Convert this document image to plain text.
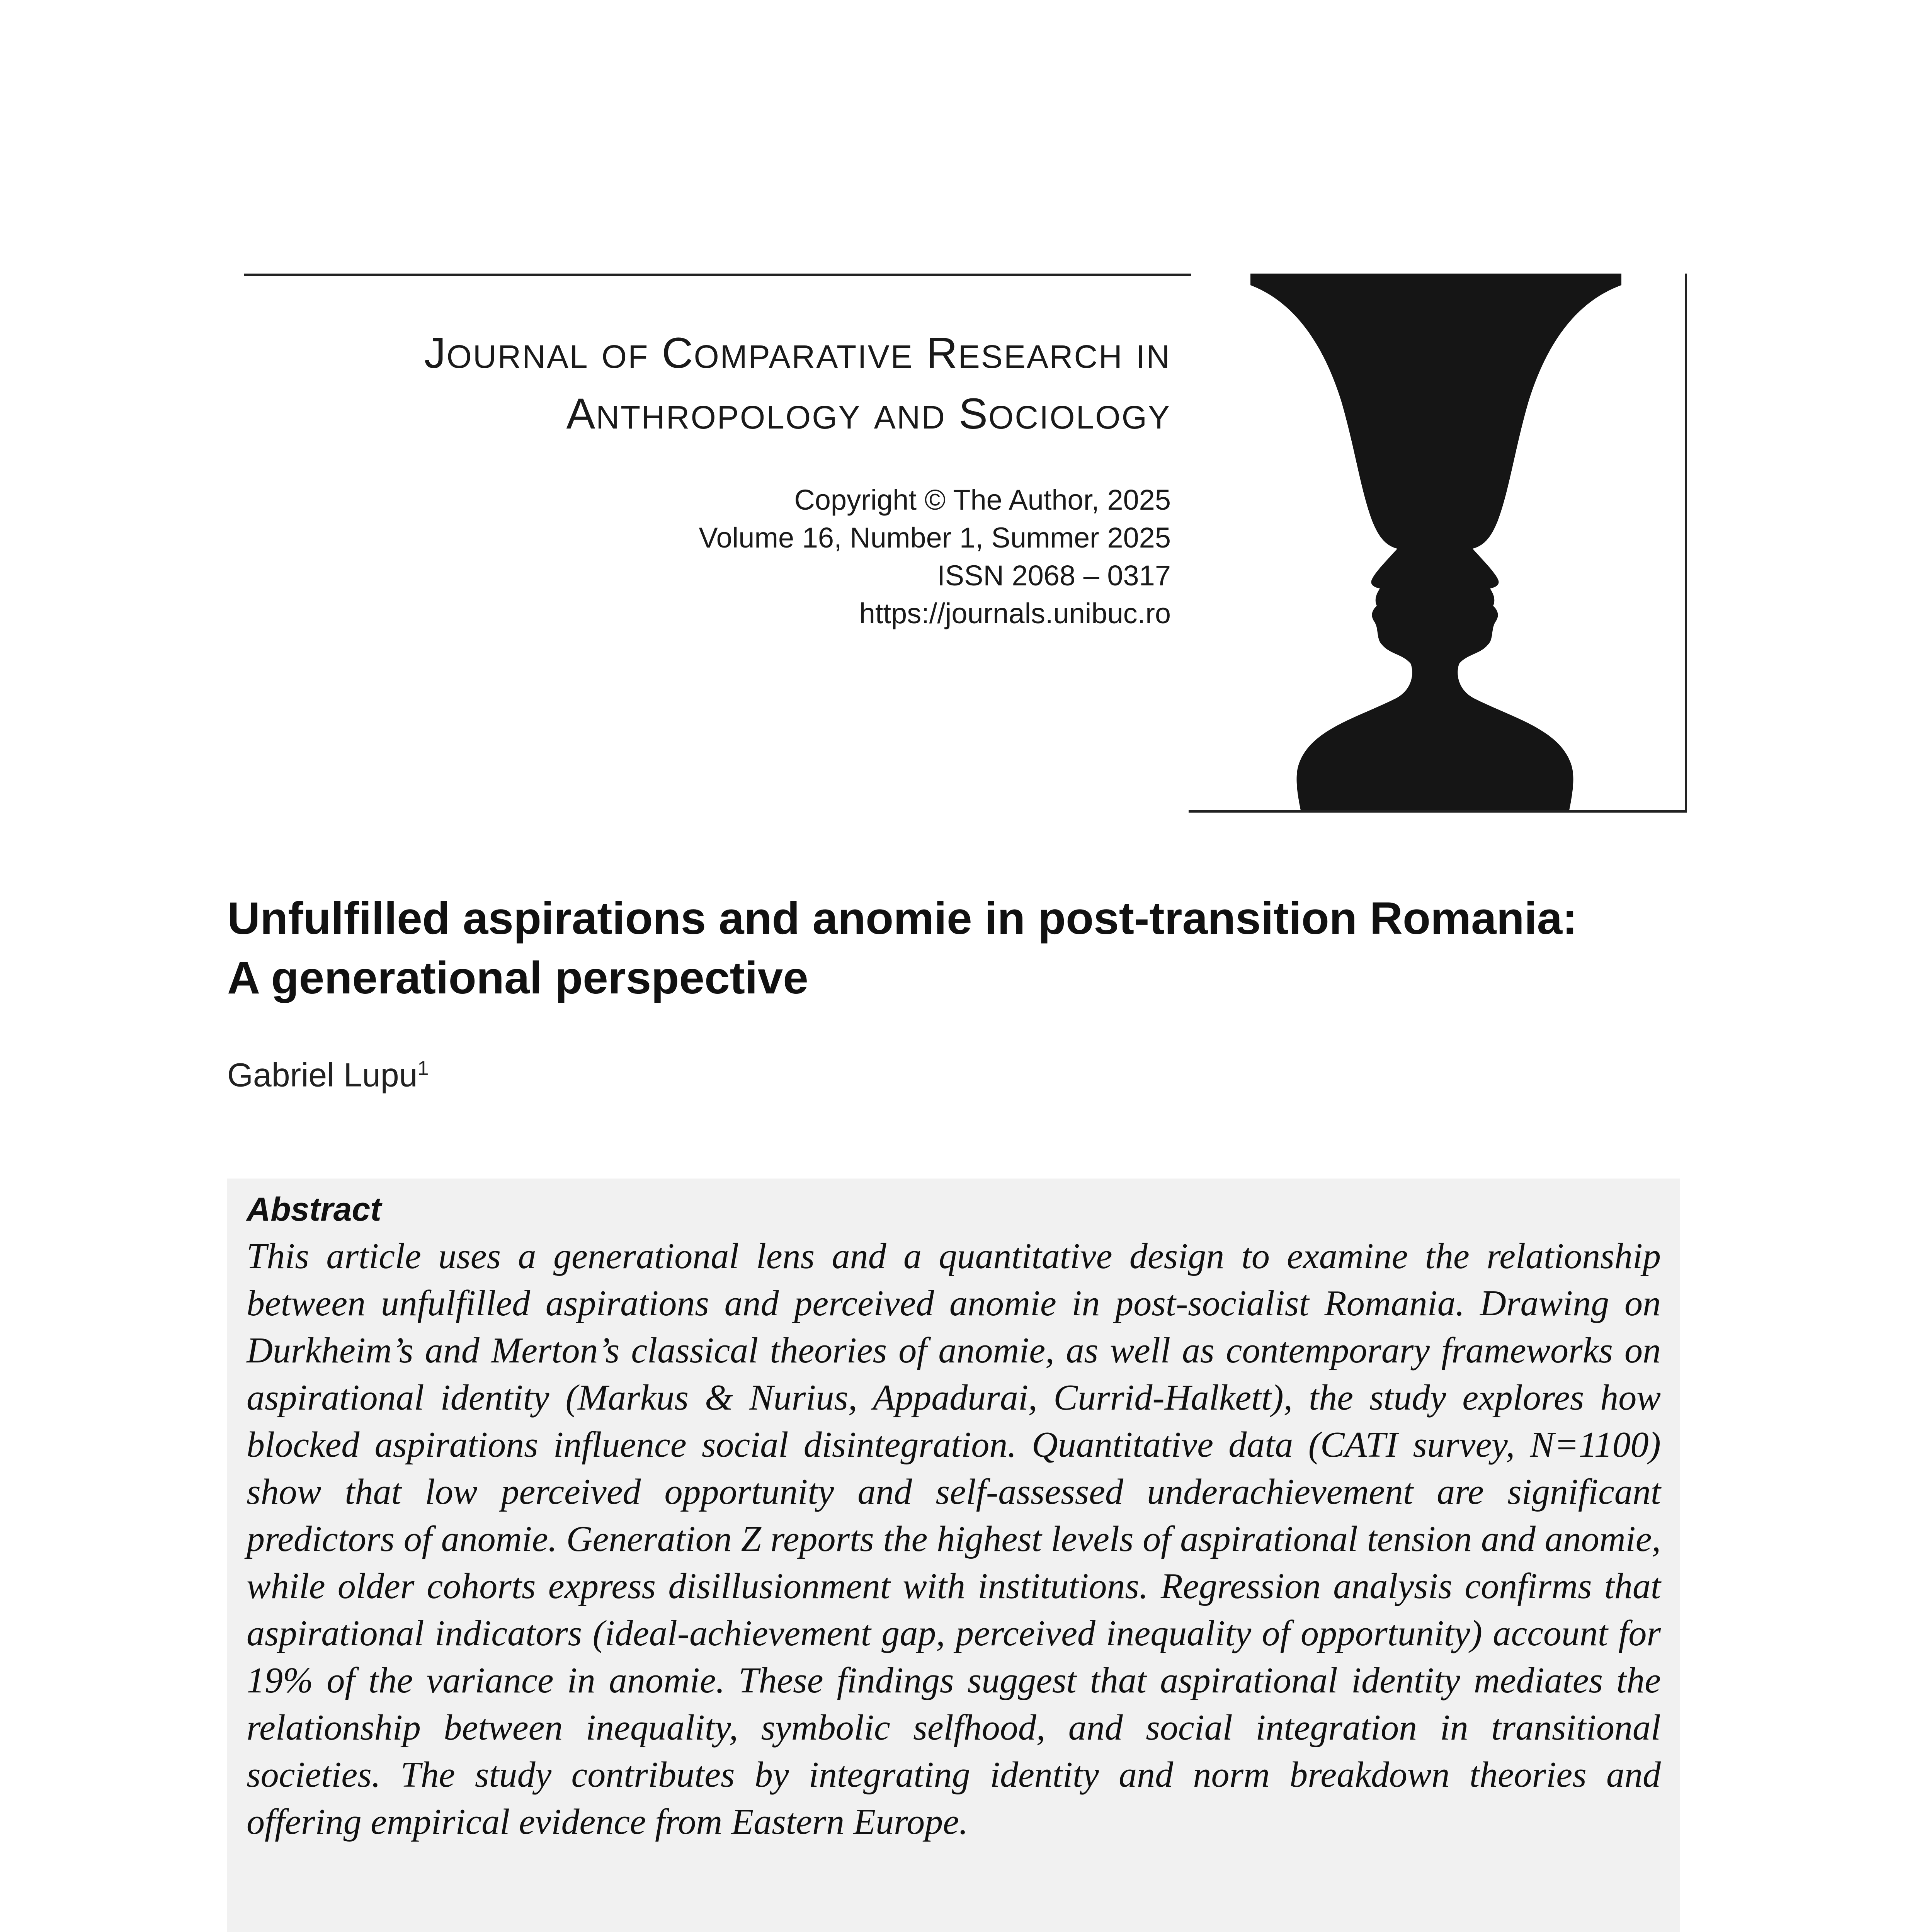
JOURNAL OF COMPARATIVE RESEARCH IN
ANTHROPOLOGY AND SOCIOLOGY
Copyright © The Author, 2025
Volume 16, Number 1, Summer 2025
ISSN 2068 – 0317
https://journals.unibuc.ro
Unfulfilled aspirations and anomie in post-transition Romania:
A generational perspective
Gabriel Lupu$^1$
Abstract
This article uses a generational lens and a quantitative design to examine the relationship between unfulfilled aspirations and perceived anomie in post-socialist Romania. Drawing on Durkheim’s and Merton’s classical theories of anomie, as well as contemporary frameworks on aspirational identity (Markus & Nurius, Appadurai, Currid-Halkett), the study explores how blocked aspirations influence social disintegration. Quantitative data (CATI survey, N=1100) show that low perceived opportunity and self-assessed underachievement are significant predictors of anomie. Generation Z reports the highest levels of aspirational tension and anomie, while older cohorts express disillusionment with institutions. Regression analysis confirms that aspirational indicators (ideal-achievement gap, perceived inequality of opportunity) account for 19% of the variance in anomie. These findings suggest that aspirational identity mediates the relationship between inequality, symbolic selfhood, and social integration in transitional societies. The study contributes by integrating identity and norm breakdown theories and offering empirical evidence from Eastern Europe.
